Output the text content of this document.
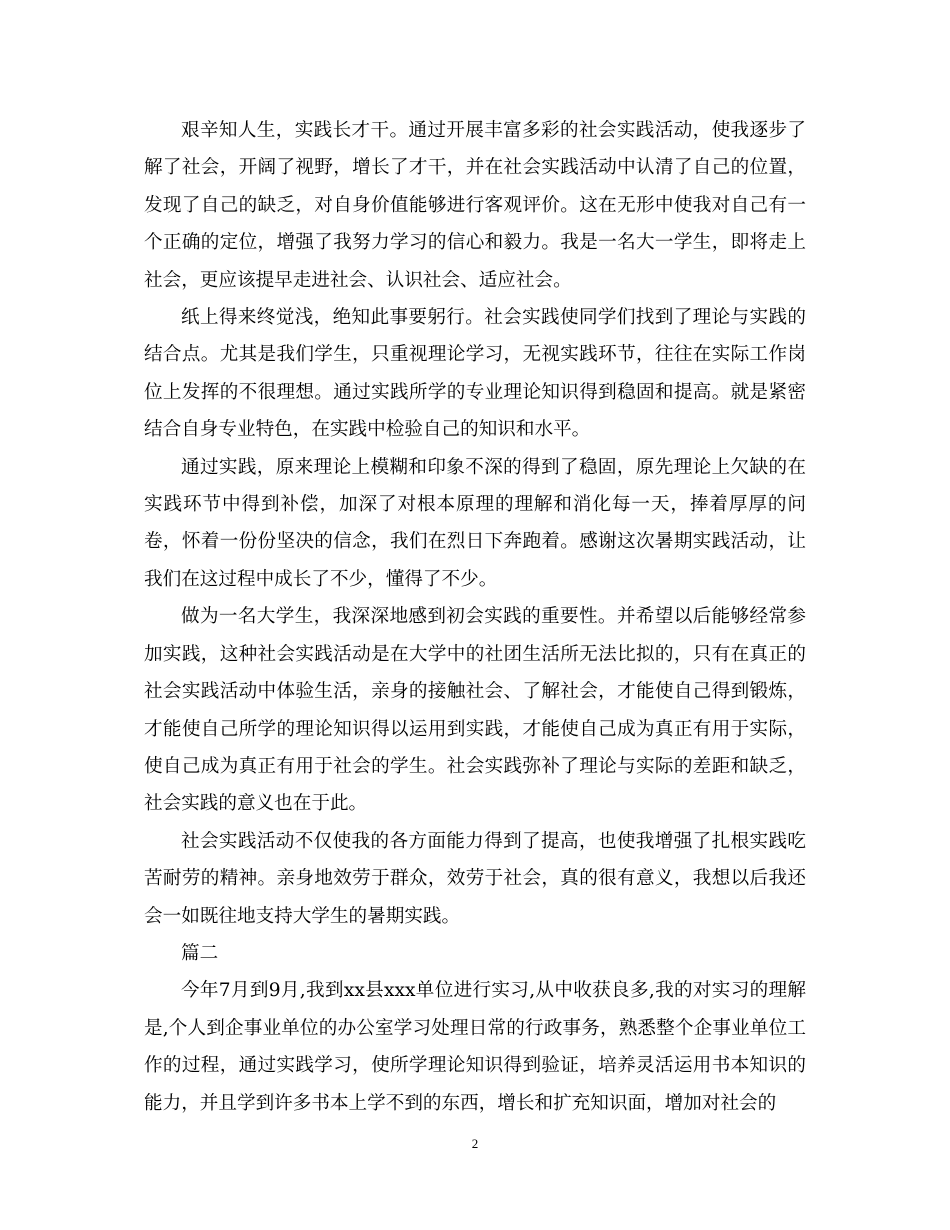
艰辛知人生，实践长才干。通过开展丰富多彩的社会实践活动，使我逐步了解了社会，开阔了视野，增长了才干，并在社会实践活动中认清了自己的位置，发现了自己的缺乏，对自身价值能够进行客观评价。这在无形中使我对自己有一个正确的定位，增强了我努力学习的信心和毅力。我是一名大一学生，即将走上社会，更应该提早走进社会、认识社会、适应社会。

纸上得来终觉浅，绝知此事要躬行。社会实践使同学们找到了理论与实践的结合点。尤其是我们学生，只重视理论学习，无视实践环节，往往在实际工作岗位上发挥的不很理想。通过实践所学的专业理论知识得到稳固和提高。就是紧密结合自身专业特色，在实践中检验自己的知识和水平。

通过实践，原来理论上模糊和印象不深的得到了稳固，原先理论上欠缺的在实践环节中得到补偿，加深了对根本原理的理解和消化每一天，捧着厚厚的问卷，怀着一份份坚决的信念，我们在烈日下奔跑着。感谢这次暑期实践活动，让我们在这过程中成长了不少，懂得了不少。

做为一名大学生，我深深地感到初会实践的重要性。并希望以后能够经常参加实践，这种社会实践活动是在大学中的社团生活所无法比拟的，只有在真正的社会实践活动中体验生活，亲身的接触社会、了解社会，才能使自己得到锻炼，才能使自己所学的理论知识得以运用到实践，才能使自己成为真正有用于实际，使自己成为真正有用于社会的学生。社会实践弥补了理论与实际的差距和缺乏，社会实践的意义也在于此。

社会实践活动不仅使我的各方面能力得到了提高，也使我增强了扎根实践吃苦耐劳的精神。亲身地效劳于群众，效劳于社会，真的很有意义，我想以后我还会一如既往地支持大学生的暑期实践。

篇二

今年7月到9月,我到xx县xxx单位进行实习,从中收获良多,我的对实习的理解是,个人到企事业单位的办公室学习处理日常的行政事务，熟悉整个企事业单位工作的过程，通过实践学习，使所学理论知识得到验证，培养灵活运用书本知识的能力，并且学到许多书本上学不到的东西，增长和扩充知识面，增加对社会的

2
